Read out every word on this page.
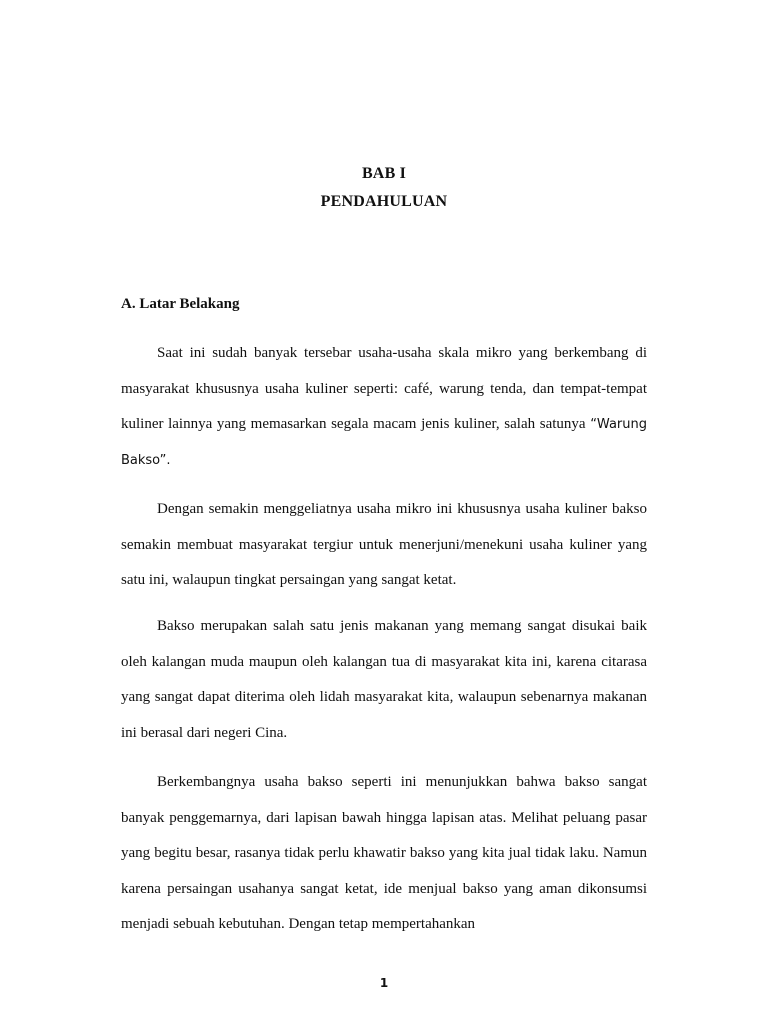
BAB I
PENDAHULUAN
A. Latar Belakang

Saat ini sudah banyak tersebar usaha-usaha skala mikro yang berkembang di masyarakat khususnya usaha kuliner seperti: café, warung tenda, dan tempat-tempat kuliner lainnya yang memasarkan segala macam jenis kuliner, salah satunya “Warung Bakso”.

Dengan semakin menggeliatnya usaha mikro ini khususnya usaha kuliner bakso semakin membuat masyarakat tergiur untuk menerjuni/menekuni usaha kuliner yang satu ini, walaupun tingkat persaingan yang sangat ketat.

Bakso merupakan salah satu jenis makanan yang memang sangat disukai baik oleh kalangan muda maupun oleh kalangan tua di masyarakat kita ini, karena citarasa yang sangat dapat diterima oleh lidah masyarakat kita, walaupun sebenarnya makanan ini berasal dari negeri Cina.

Berkembangnya usaha bakso seperti ini menunjukkan bahwa bakso sangat banyak penggemarnya, dari lapisan bawah hingga lapisan atas. Melihat peluang pasar yang begitu besar, rasanya tidak perlu khawatir bakso yang kita jual tidak laku. Namun karena persaingan usahanya sangat ketat, ide menjual bakso yang aman dikonsumsi menjadi sebuah kebutuhan. Dengan tetap mempertahankan

1
